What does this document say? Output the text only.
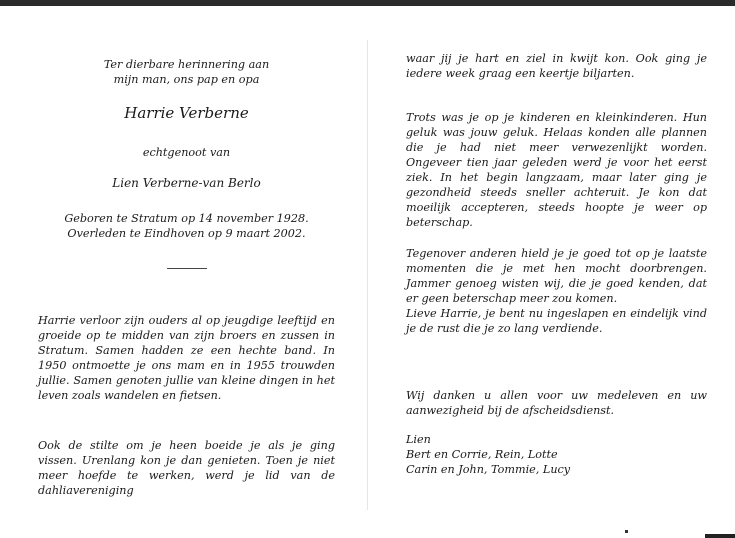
Ter dierbare herinnering aan

mijn man, ons pap en opa

Harrie Verberne
echtgenoot van
Lien Verberne-van Berlo

Geboren te Stratum op 14 november 1928.

Overleden te Eindhoven op 9 maart 2002.

Harrie verloor zijn ouders al op jeugdige leeftijd en groeide op te midden van zijn broers en zussen in Stratum. Samen hadden ze een hechte band. In 1950 ontmoette je ons mam en in 1955 trouwden jullie. Samen genoten jullie van kleine dingen in het leven zoals wandelen en fietsen.
Ook de stilte om je heen boeide je als je ging vissen. Urenlang kon je dan genieten. Toen je niet meer hoefde te werken, werd je lid van de dahliavereniging
waar jij je hart en ziel in kwijt kon. Ook ging je iedere week graag een keertje biljarten.
Trots was je op je kinderen en kleinkinderen. Hun geluk was jouw geluk. Helaas konden alle plannen die je had niet meer verwezenlijkt worden. Ongeveer tien jaar geleden werd je voor het eerst ziek. In het begin langzaam, maar later ging je gezondheid steeds sneller achteruit. Je kon dat moeilijk accepteren, steeds hoopte je weer op beterschap.
Tegenover anderen hield je je goed tot op je laatste momenten die je met hen mocht doorbrengen. Jammer genoeg wisten wij, die je goed kenden, dat er geen beterschap meer zou komen.
Lieve Harrie, je bent nu ingeslapen en eindelijk vind je de rust die je zo lang verdiende.
Wij danken u allen voor uw medeleven en uw aanwezigheid bij de afscheidsdienst.

Lien

Bert en Corrie, Rein, Lotte

Carin en John, Tommie, Lucy
